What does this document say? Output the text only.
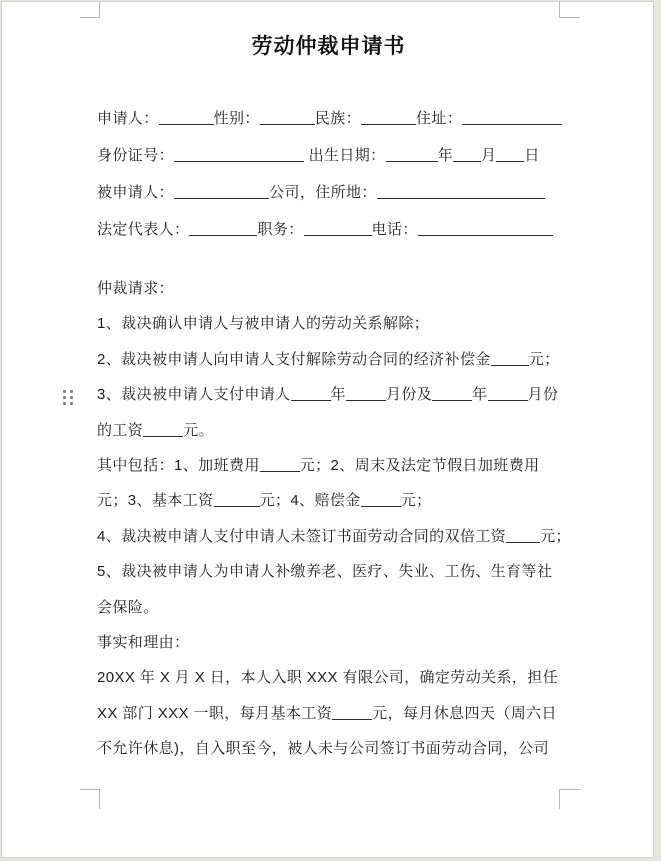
劳动仲裁申请书
申请人：	性别：	民族：	住址：
身份证号：	出生日期：	年 月 日
被申请人：	公司，住所地：
法定代表人：	职务：	电话：
仲裁请求：
1、裁决确认申请人与被申请人的劳动关系解除；
2、裁决被申请人向申请人支付解除劳动合同的经济补偿金	元；
3、裁决被申请人支付申请人	年	月份及	年	月份
的工资	元。
其中包括：1、加班费用	元；2、周末及法定节假日加班费用
元；3、基本工资	元；4、赔偿金	元；
4、裁决被申请人支付申请人未签订书面劳动合同的双倍工资 元；
5、裁决被申请人为申请人补缴养老、医疗、失业、工伤、生育等社
会保险。
事实和理由：
20XX 年 X 月 X 日，本人入职 XXX 有限公司，确定劳动关系，担任
XX 部门 XXX 一职，每月基本工资	元，每月休息四天（周六日
不允许休息)，自入职至今，被人未与公司签订书面劳动合同，公司
